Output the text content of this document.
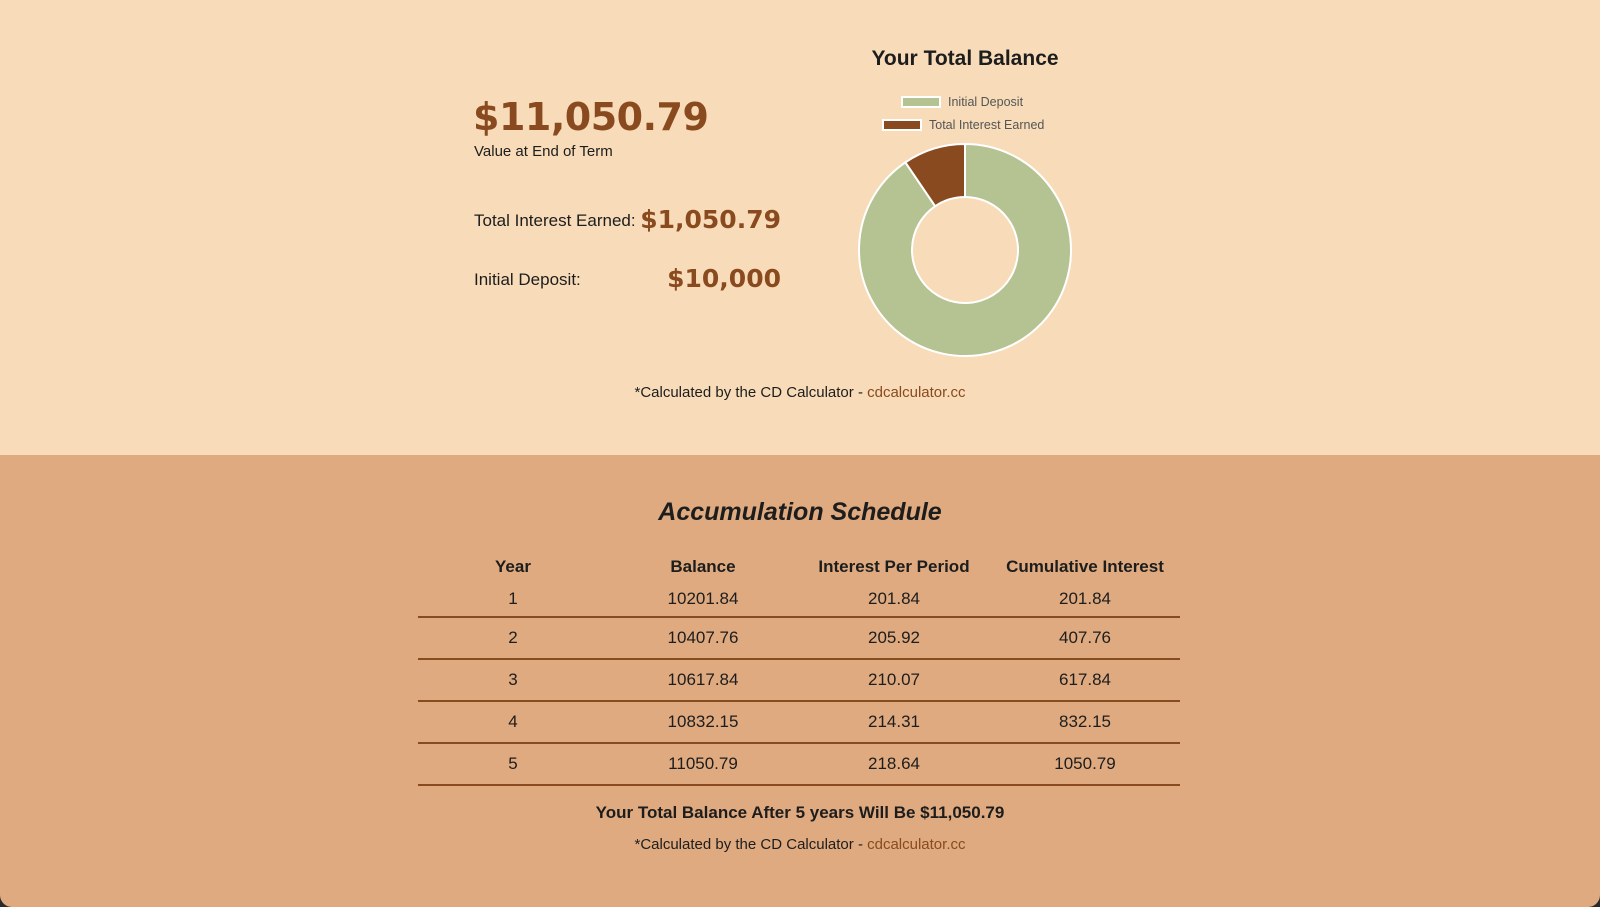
$11,050.79
Value at End of Term
Total Interest Earned: $1,050.79
Initial Deposit:	$10,000
Your Total Balance
Initial Deposit
Total Interest Earned
*Calculated by the CD Calculator - cdcalculator.cc
Accumulation Schedule
Year	Balance	Interest Per Period	Cumulative Interest
1	10201.84	201.84	201.84
2	10407.76	205.92	407.76
3	10617.84	210.07	617.84
4	10832.15	214.31	832.15
5	11050.79	218.64	1050.79
Your Total Balance After 5 years Will Be $11,050.79
*Calculated by the CD Calculator - cdcalculator.cc
